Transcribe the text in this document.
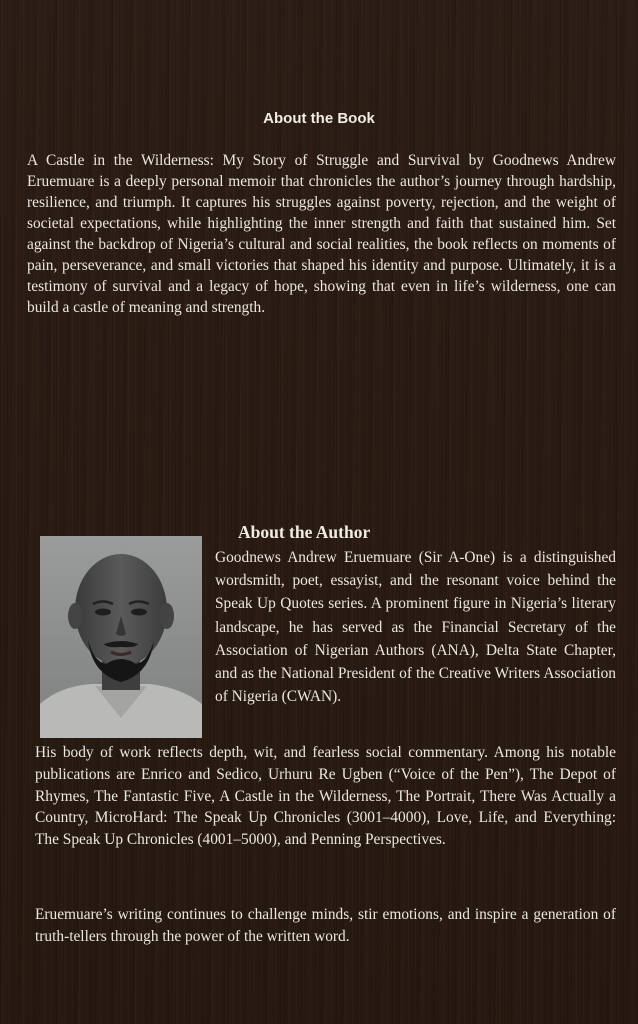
About the Book

A Castle in the Wilderness: My Story of Struggle and Survival by Goodnews Andrew Eruemuare is a deeply personal memoir that chronicles the author’s journey through hardship, resilience, and triumph. It captures his struggles against poverty, rejection, and the weight of societal expectations, while highlighting the inner strength and faith that sustained him. Set against the backdrop of Nigeria’s cultural and social realities, the book reflects on moments of pain, perseverance, and small victories that shaped his identity and purpose. Ultimately, it is a testimony of survival and a legacy of hope, showing that even in life’s wilderness, one can build a castle of meaning and strength.

About the Author

Goodnews Andrew Eruemuare (Sir A-One) is a distinguished wordsmith, poet, essayist, and the resonant voice behind the Speak Up Quotes series. A prominent figure in Nigeria’s literary landscape, he has served as the Financial Secretary of the Association of Nigerian Authors (ANA), Delta State Chapter, and as the National President of the Creative Writers Association of Nigeria (CWAN).

His body of work reflects depth, wit, and fearless social commentary. Among his notable publications are Enrico and Sedico, Urhuru Re Ugben (“Voice of the Pen”), The Depot of Rhymes, The Fantastic Five, A Castle in the Wilderness, The Portrait, There Was Actually a Country, MicroHard: The Speak Up Chronicles (3001–4000), Love, Life, and Everything: The Speak Up Chronicles (4001–5000), and Penning Perspectives.

Eruemuare’s writing continues to challenge minds, stir emotions, and inspire a generation of truth-tellers through the power of the written word.
